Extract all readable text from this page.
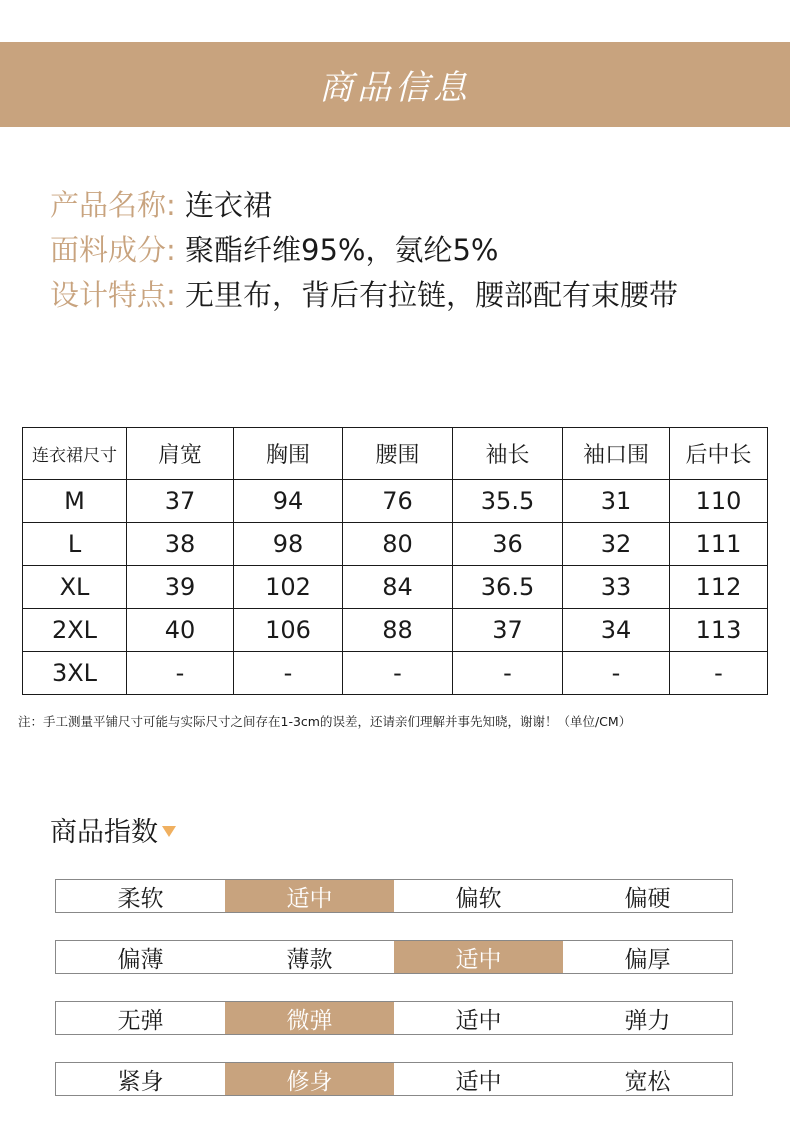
商品信息
产品名称: 连衣裙
面料成分: 聚酯纤维95%，氨纶5%
设计特点: 无里布，背后有拉链，腰部配有束腰带
连衣裙尺寸	肩宽	胸围	腰围	袖长	袖口围	后中长
M	37	94	76	35.5	31	110
L	38	98	80	36	32	111
XL	39	102	84	36.5	33	112
2XL	40	106	88	37	34	113
3XL	-	-	-	-	-	-
注：手工测量平铺尺寸可能与实际尺寸之间存在1-3cm的误差，还请亲们理解并事先知晓，谢谢！（单位/CM）
商品指数
柔软	适中	偏软	偏硬
偏薄	薄款	适中	偏厚
无弹	微弹	适中	弹力
紧身	修身	适中	宽松
